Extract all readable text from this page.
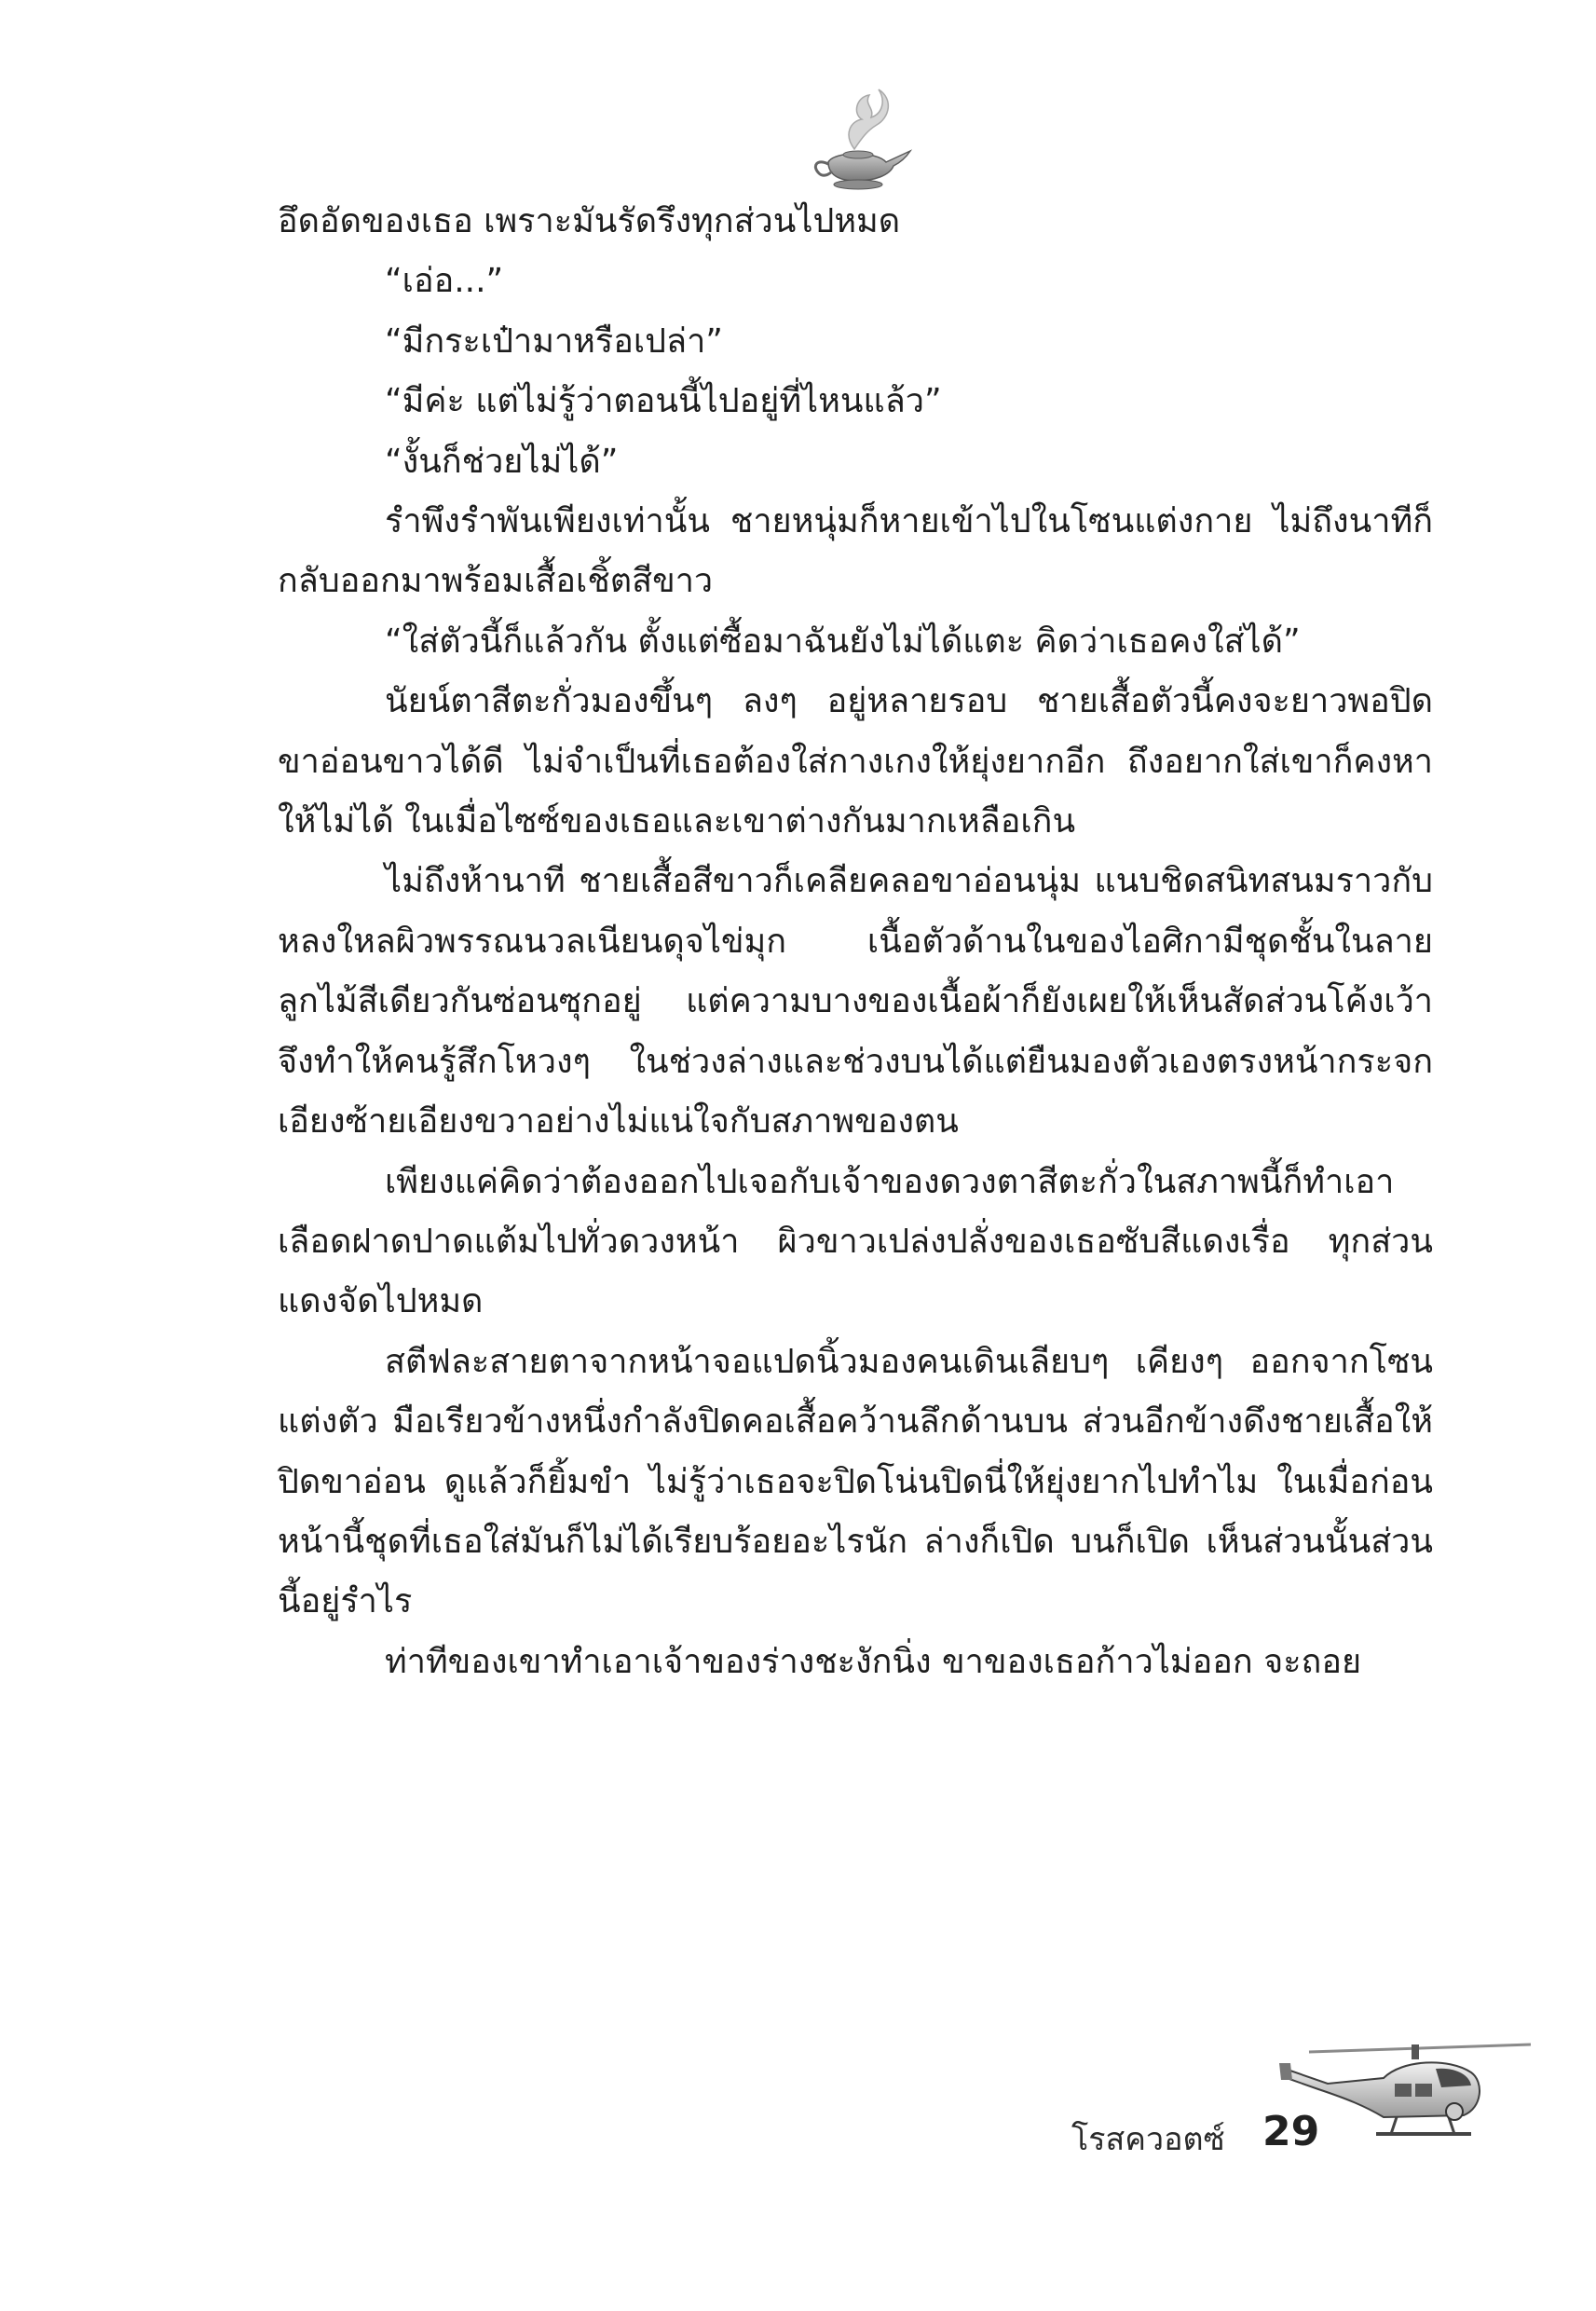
อึดอัดของเธอ เพราะมันรัดรึงทุกส่วนไปหมด

“เอ่อ...”

“มีกระเป๋ามาหรือเปล่า”

“มีค่ะ แต่ไม่รู้ว่าตอนนี้ไปอยู่ที่ไหนแล้ว”

“งั้นก็ช่วยไม่ได้”

รำพึงรำพันเพียงเท่านั้น ชายหนุ่มก็หายเข้าไปในโซนแต่งกาย ไม่ถึงนาทีก็กลับออกมาพร้อมเสื้อเชิ้ตสีขาว

“ใส่ตัวนี้ก็แล้วกัน ตั้งแต่ซื้อมาฉันยังไม่ได้แตะ คิดว่าเธอคงใส่ได้”

นัยน์ตาสีตะกั่วมองขึ้นๆ ลงๆ อยู่หลายรอบ ชายเสื้อตัวนี้คงจะยาวพอปิดขาอ่อนขาวได้ดี ไม่จำเป็นที่เธอต้องใส่กางเกงให้ยุ่งยากอีก ถึงอยากใส่เขาก็คงหาให้ไม่ได้ ในเมื่อไซซ์ของเธอและเขาต่างกันมากเหลือเกิน

ไม่ถึงห้านาที ชายเสื้อสีขาวก็เคลียคลอขาอ่อนนุ่ม แนบชิดสนิทสนมราวกับหลงใหลผิวพรรณนวลเนียนดุจไข่มุก เนื้อตัวด้านในของไอศิกามีชุดชั้นในลายลูกไม้สีเดียวกันซ่อนซุกอยู่ แต่ความบางของเนื้อผ้าก็ยังเผยให้เห็นสัดส่วนโค้งเว้า จึงทำให้คนรู้สึกโหวงๆ ในช่วงล่างและช่วงบนได้แต่ยืนมองตัวเองตรงหน้ากระจก เอียงซ้ายเอียงขวาอย่างไม่แน่ใจกับสภาพของตน

เพียงแค่คิดว่าต้องออกไปเจอกับเจ้าของดวงตาสีตะกั่วในสภาพนี้ก็ทำเอาเลือดฝาดปาดแต้มไปทั่วดวงหน้า ผิวขาวเปล่งปลั่งของเธอซับสีแดงเรื่อ ทุกส่วนแดงจัดไปหมด

สตีฟละสายตาจากหน้าจอแปดนิ้วมองคนเดินเลียบๆ เคียงๆ ออกจากโซนแต่งตัว มือเรียวข้างหนึ่งกำลังปิดคอเสื้อคว้านลึกด้านบน ส่วนอีกข้างดึงชายเสื้อให้ปิดขาอ่อน ดูแล้วก็ยิ้มขำ ไม่รู้ว่าเธอจะปิดโน่นปิดนี่ให้ยุ่งยากไปทำไม ในเมื่อก่อนหน้านี้ชุดที่เธอใส่มันก็ไม่ได้เรียบร้อยอะไรนัก ล่างก็เปิด บนก็เปิด เห็นส่วนนั้นส่วนนี้อยู่รำไร

ท่าทีของเขาทำเอาเจ้าของร่างชะงักนิ่ง ขาของเธอก้าวไม่ออก จะถอย

โรสควอตซ์ 29
